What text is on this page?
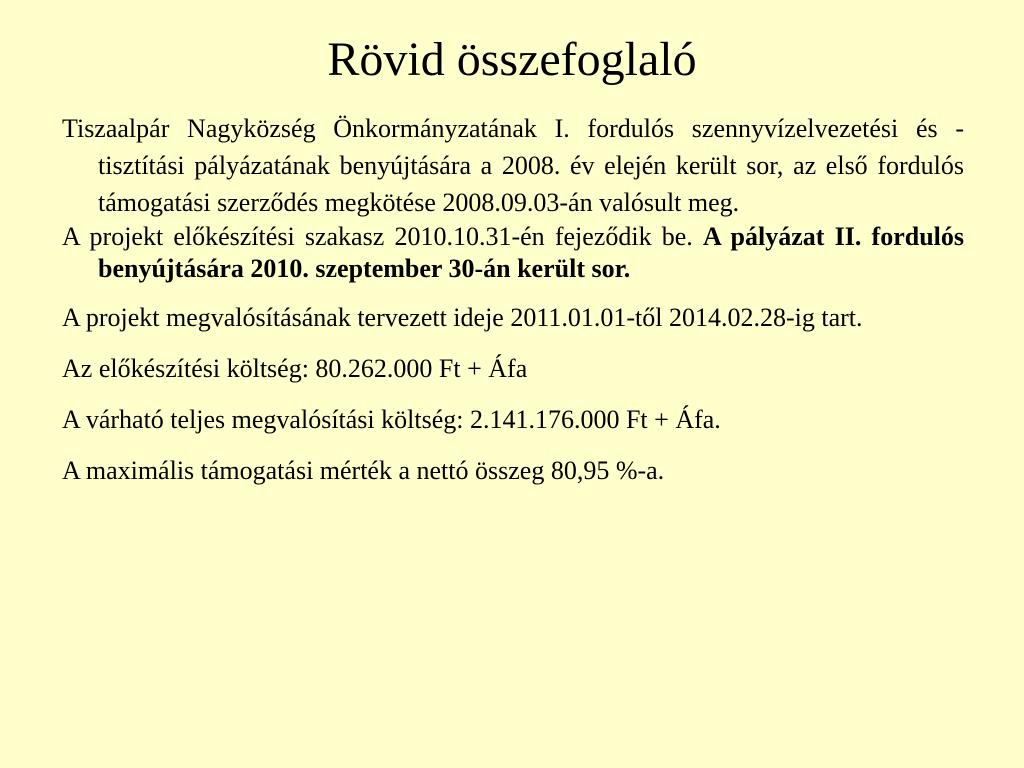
Rövid összefoglaló

Tiszaalpár Nagyközség Önkormányzatának I. fordulós szennyvízelvezetési és -tisztítási pályázatának benyújtására a 2008. év elején került sor, az első fordulós támogatási szerződés megkötése 2008.09.03-án valósult meg.

A projekt előkészítési szakasz 2010.10.31-én fejeződik be. A pályázat II. fordulós benyújtására 2010. szeptember 30-án került sor.

A projekt megvalósításának tervezett ideje 2011.01.01-től 2014.02.28-ig tart.

Az előkészítési költség: 80.262.000 Ft + Áfa

A várható teljes megvalósítási költség: 2.141.176.000 Ft + Áfa.

A maximális támogatási mérték a nettó összeg 80,95 %-a.
